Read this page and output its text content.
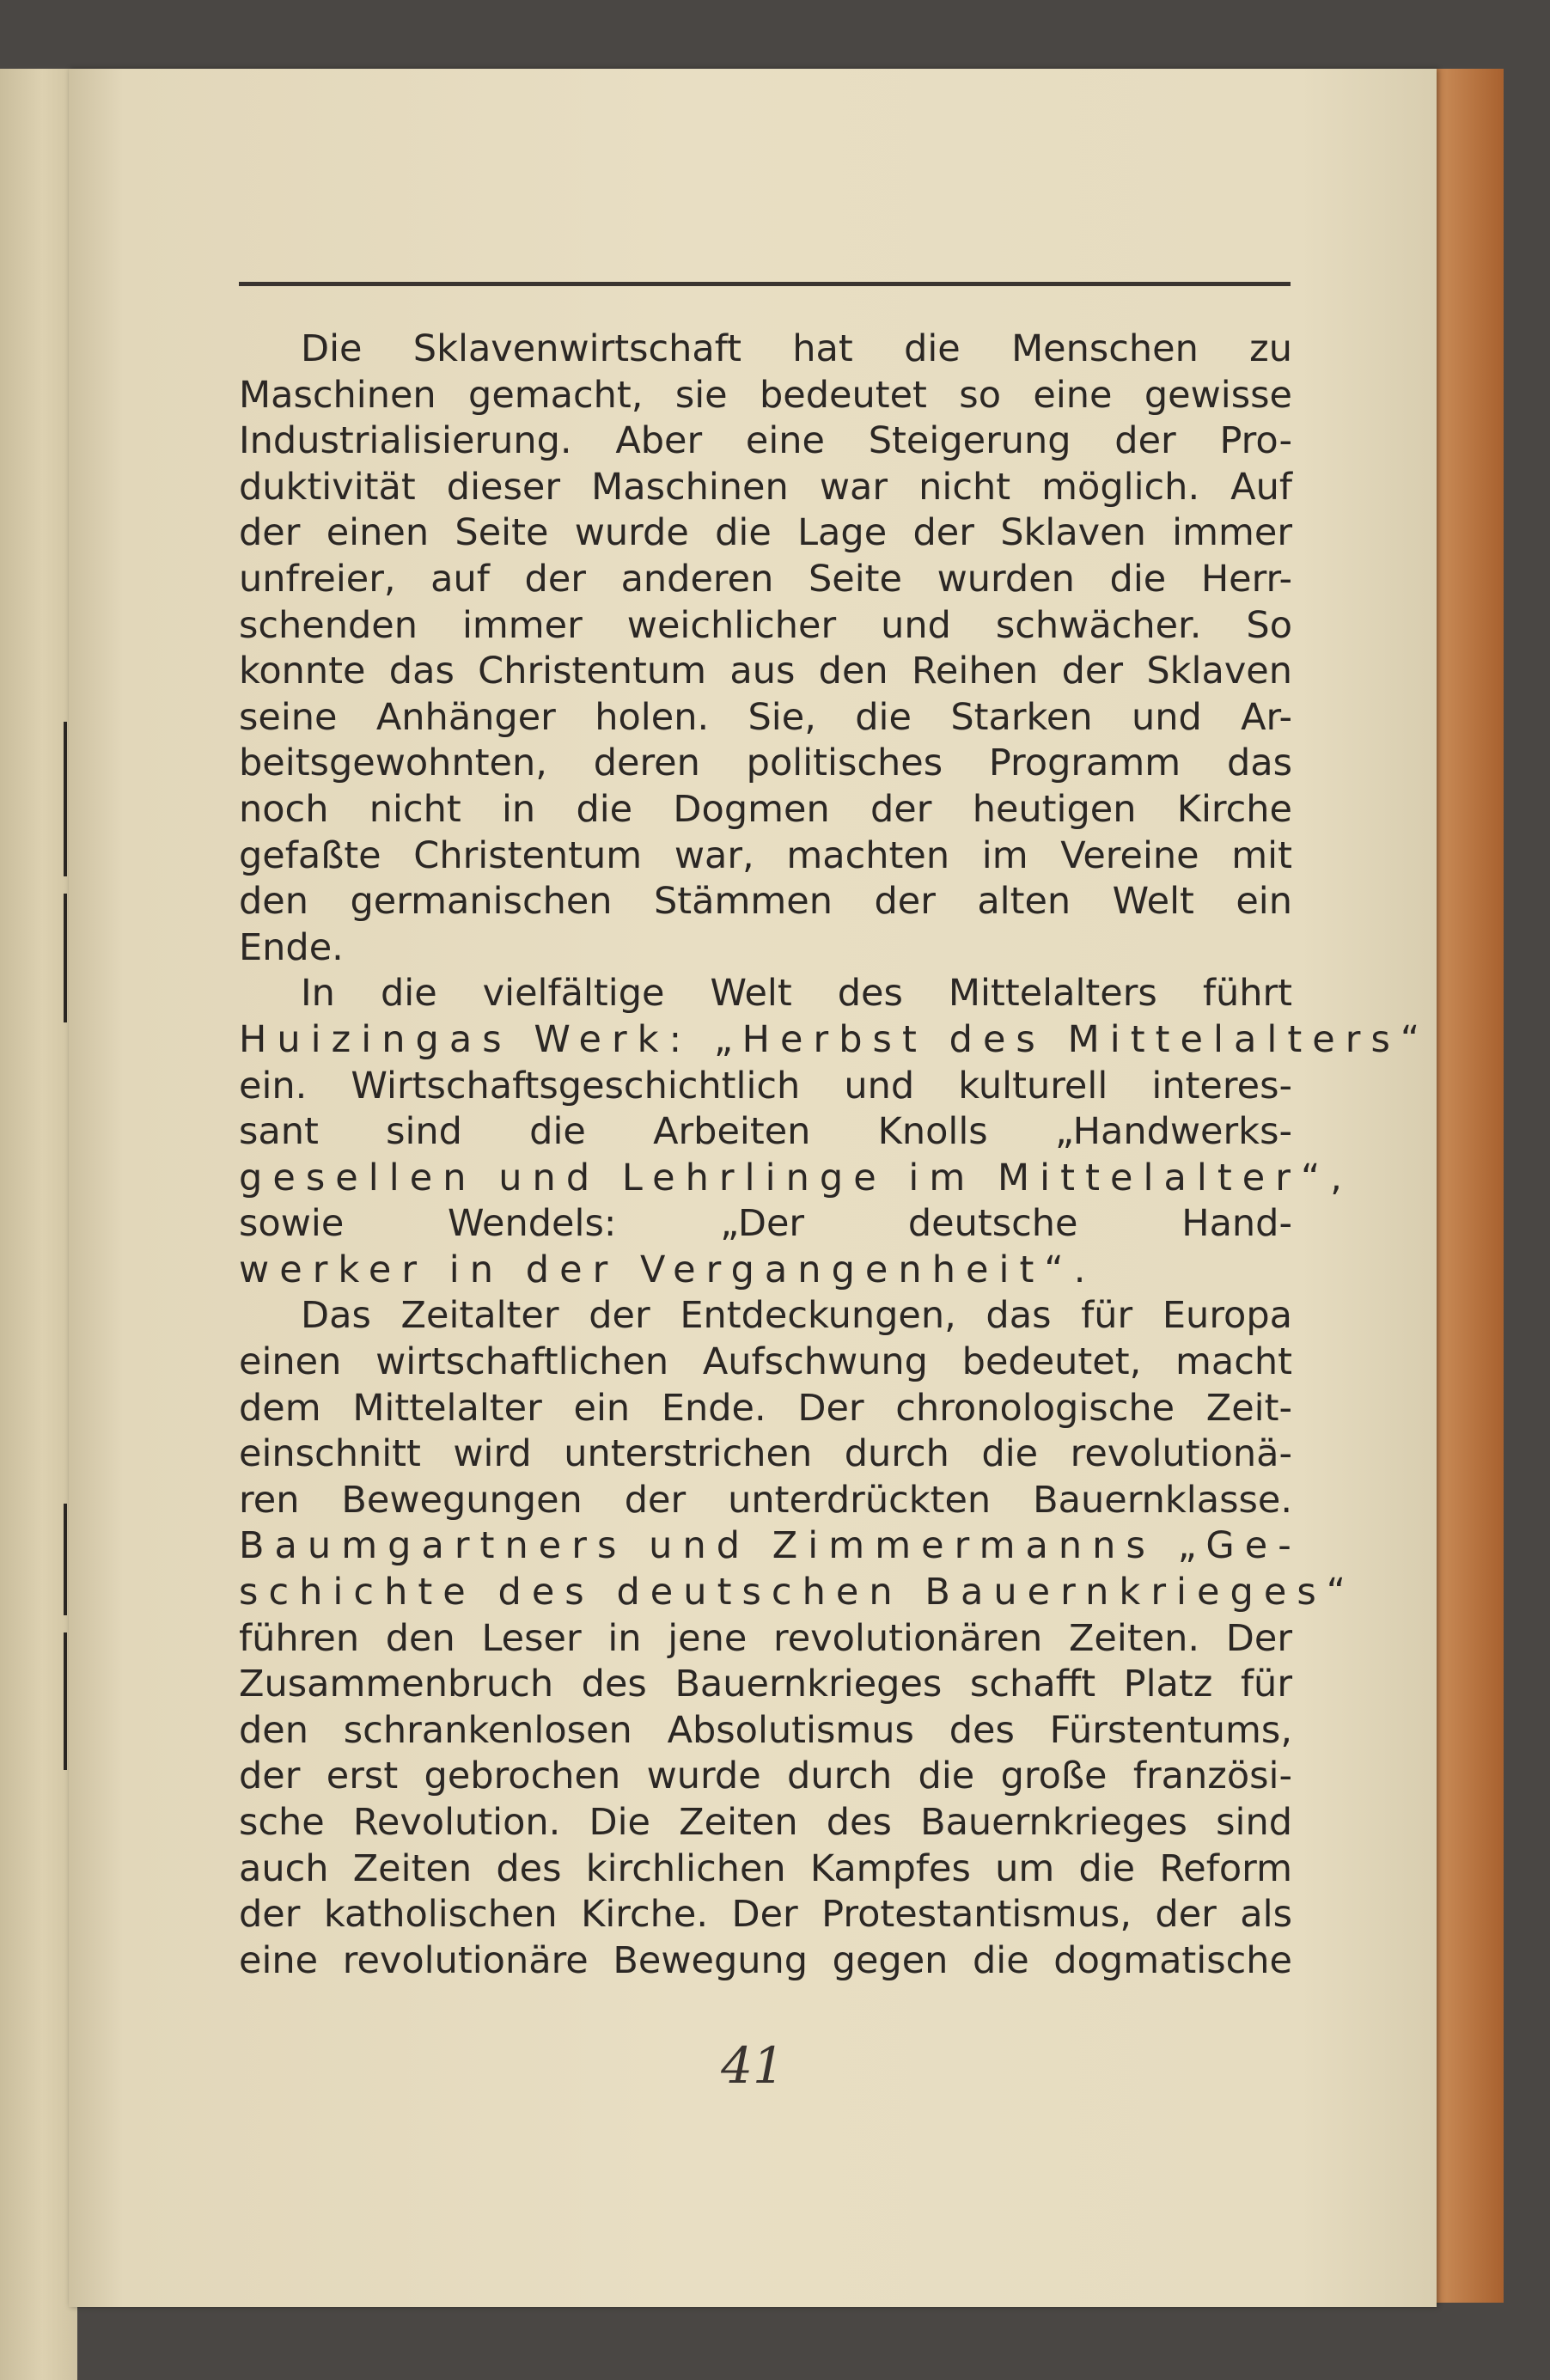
Die Sklavenwirtschaft hat die Menschen zu
Maschinen gemacht, sie bedeutet so eine gewisse
Industrialisierung. Aber eine Steigerung der Pro-
duktivität dieser Maschinen war nicht möglich. Auf
der einen Seite wurde die Lage der Sklaven immer
unfreier, auf der anderen Seite wurden die Herr-
schenden immer weichlicher und schwächer. So
konnte das Christentum aus den Reihen der Sklaven
seine Anhänger holen. Sie, die Starken und Ar-
beitsgewohnten, deren politisches Programm das
noch nicht in die Dogmen der heutigen Kirche
gefaßte Christentum war, machten im Vereine mit
den germanischen Stämmen der alten Welt ein
Ende.
In die vielfältige Welt des Mittelalters führt
Huizingas Werk: „Herbst des Mittelalters“
ein. Wirtschaftsgeschichtlich und kulturell interes-
sant sind die Arbeiten Knolls „Handwerks-
gesellen und Lehrlinge im Mittelalter“,
sowie Wendels: „Der deutsche Hand-
werker in der Vergangenheit“.
Das Zeitalter der Entdeckungen, das für Europa
einen wirtschaftlichen Aufschwung bedeutet, macht
dem Mittelalter ein Ende. Der chronologische Zeit-
einschnitt wird unterstrichen durch die revolutionä-
ren Bewegungen der unterdrückten Bauernklasse.
Baumgartners und Zimmermanns „Ge-
schichte des deutschen Bauernkrieges“
führen den Leser in jene revolutionären Zeiten. Der
Zusammenbruch des Bauernkrieges schafft Platz für
den schrankenlosen Absolutismus des Fürstentums,
der erst gebrochen wurde durch die große französi-
sche Revolution. Die Zeiten des Bauernkrieges sind
auch Zeiten des kirchlichen Kampfes um die Reform
der katholischen Kirche. Der Protestantismus, der als
eine revolutionäre Bewegung gegen die dogmatische
41
